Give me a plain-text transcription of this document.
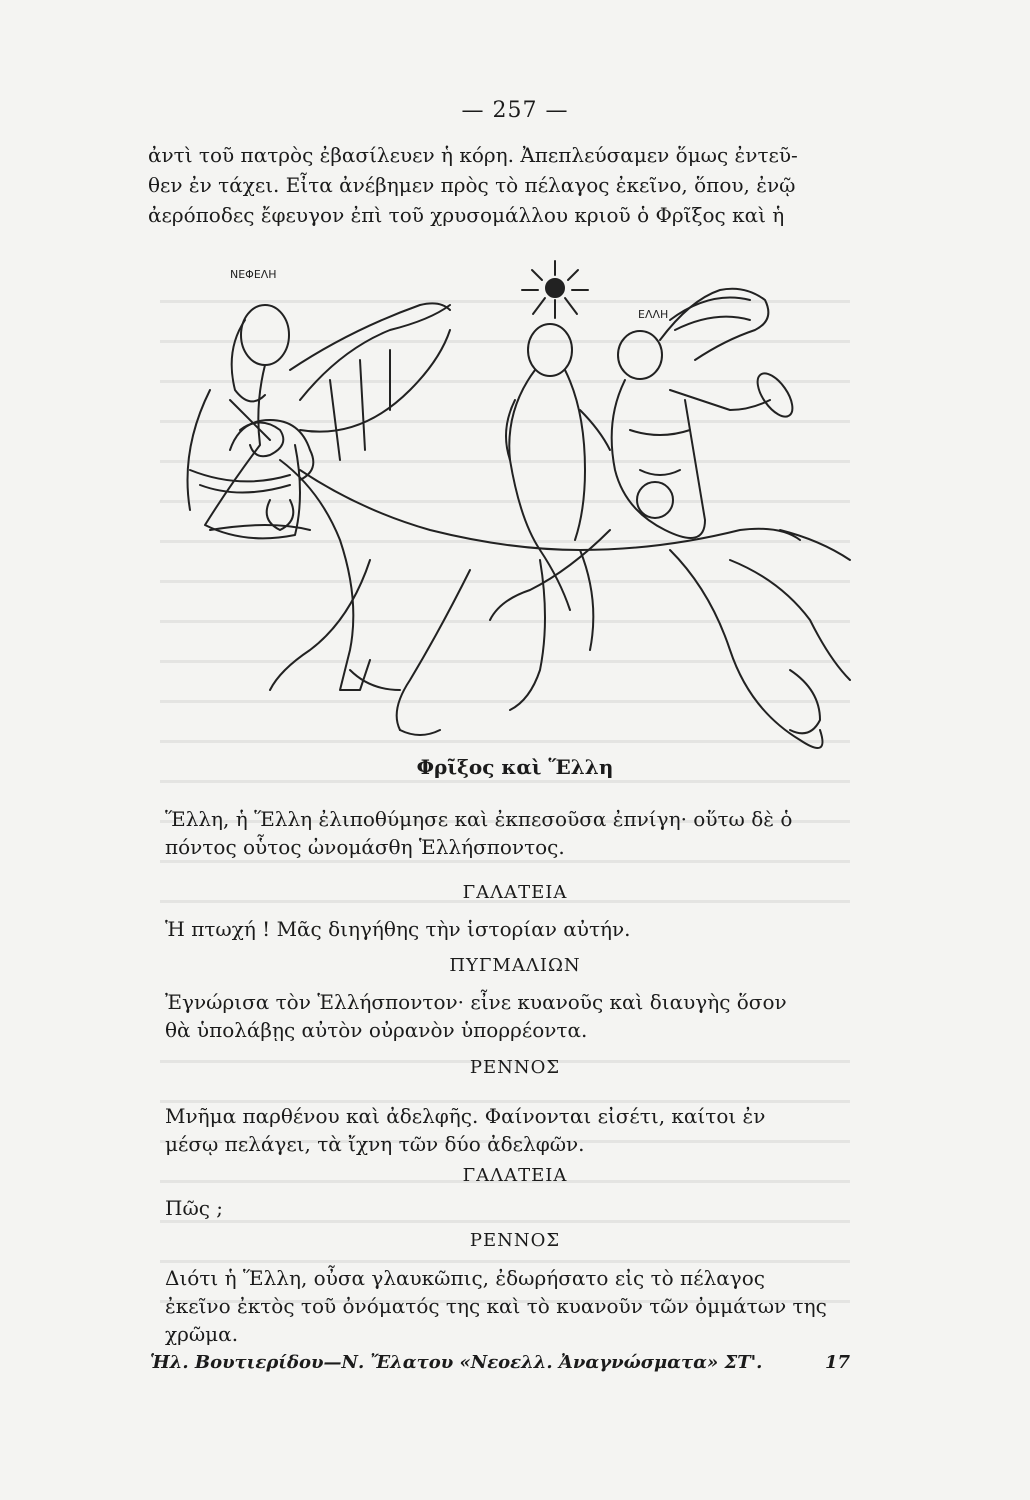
— 257 —
ἀντὶ τοῦ πατρὸς ἐβασίλευεν ἡ κόρη. Ἀπεπλεύσαμεν ὅμως ἐντεῦ-
θεν ἐν τάχει. Εἶτα ἀνέβημεν πρὸς τὸ πέλαγος ἐκεῖνο, ὅπου, ἐνῷ
ἀερόποδες ἔφευγον ἐπὶ τοῦ χρυσομάλλου κριοῦ ὁ Φρῖξος καὶ ἡ
ΝΕΦΕΛΗ
ΕΛΛΗ
Φρῖξος καὶ Ἕλλη
Ἕλλη, ἡ Ἕλλη ἐλιποθύμησε καὶ ἐκπεσοῦσα ἐπνίγη· οὕτω δὲ ὁ
πόντος οὗτος ὠνομάσθη Ἑλλήσποντος.
ΓΑΛΑΤΕΙΑ
Ἡ πτωχή ! Μᾶς διηγήθης τὴν ἱστορίαν αὐτήν.
ΠΥΓΜΑΛΙΩΝ
Ἐγνώρισα τὸν Ἑλλήσποντον· εἶνε κυανοῦς καὶ διαυγὴς ὅσον
θὰ ὑπολάβῃς αὐτὸν οὐρανὸν ὑπορρέοντα.
ΡΕΝΝΟΣ
Μνῆμα παρθένου καὶ ἀδελφῆς. Φαίνονται εἰσέτι, καίτοι ἐν
μέσῳ πελάγει, τὰ ἴχνη τῶν δύο ἀδελφῶν.
ΓΑΛΑΤΕΙΑ
Πῶς ;
ΡΕΝΝΟΣ
Διότι ἡ Ἕλλη, οὖσα γλαυκῶπις, ἐδωρήσατο εἰς τὸ πέλαγος
ἐκεῖνο ἐκτὸς τοῦ ὀνόματός της καὶ τὸ κυανοῦν τῶν ὀμμάτων της
χρῶμα.
Ἡλ. Βουτιερίδου—Ν. Ἔλατου «Νεοελλ. Ἀναγνώσματα» ΣΤ'.	17
